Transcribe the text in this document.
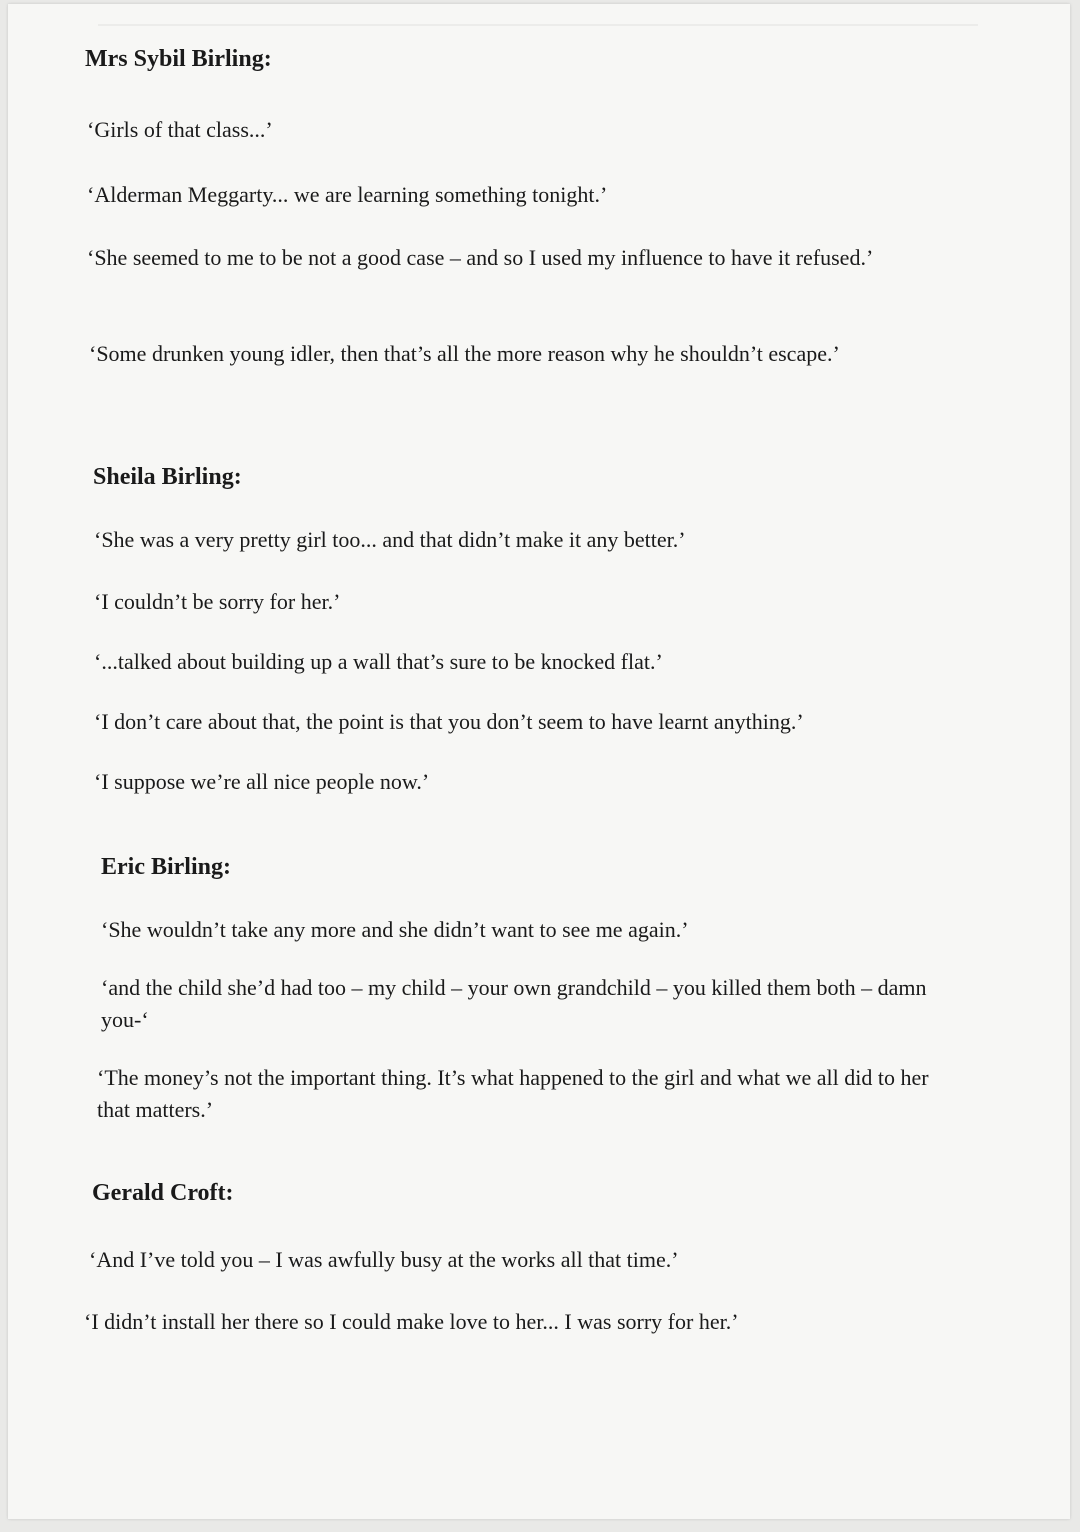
Mrs Sybil Birling:

‘Girls of that class...’

‘Alderman Meggarty... we are learning something tonight.’

‘She seemed to me to be not a good case – and so I used my influence to have it refused.’

‘Some drunken young idler, then that’s all the more reason why he shouldn’t escape.’

Sheila Birling:

‘She was a very pretty girl too... and that didn’t make it any better.’

‘I couldn’t be sorry for her.’

‘...talked about building up a wall that’s sure to be knocked flat.’

‘I don’t care about that, the point is that you don’t seem to have learnt anything.’

‘I suppose we’re all nice people now.’

Eric Birling:

‘She wouldn’t take any more and she didn’t want to see me again.’

‘and the child she’d had too – my child – your own grandchild – you killed them both – damn you-‘

‘The money’s not the important thing. It’s what happened to the girl and what we all did to her that matters.’

Gerald Croft:

‘And I’ve told you – I was awfully busy at the works all that time.’

‘I didn’t install her there so I could make love to her... I was sorry for her.’
